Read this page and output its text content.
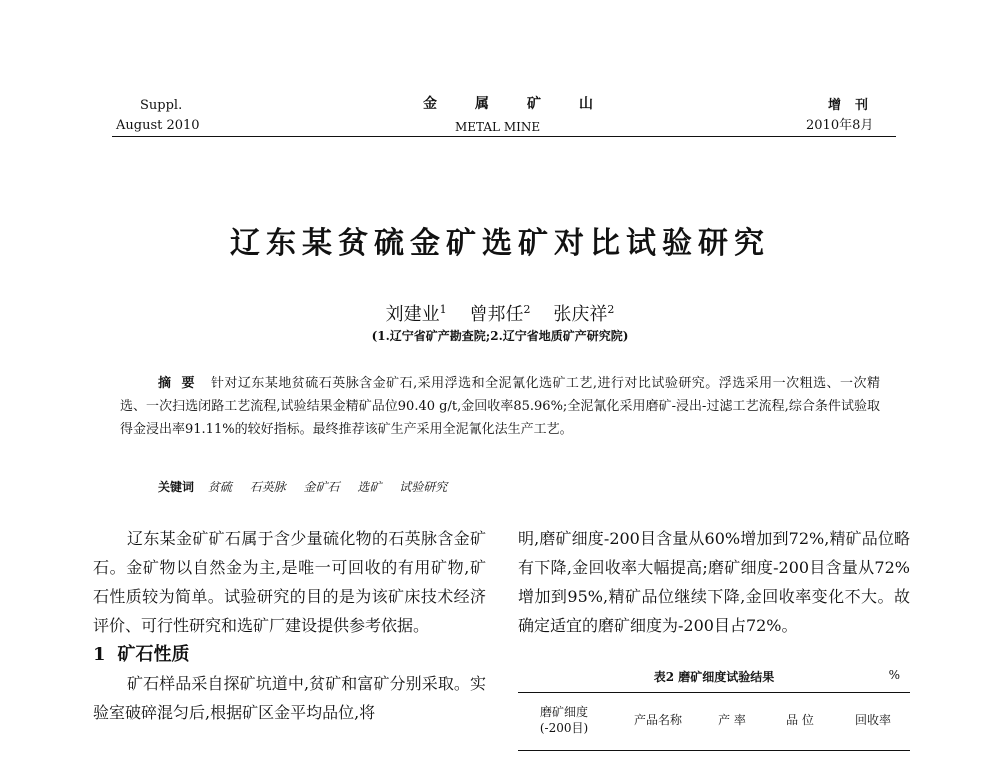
Suppl.
August 2010
金属矿山
METAL MINE
增刊
2010年8月
辽东某贫硫金矿选矿对比试验研究
刘建业$^1$ 曾邦任$^2$ 张庆祥$^2$
(1.辽宁省矿产勘查院;2.辽宁省地质矿产研究院)
摘要 针对辽东某地贫硫石英脉含金矿石,采用浮选和全泥氰化选矿工艺,进行对比试验研究。浮选采用一次粗选、一次精选、一次扫选闭路工艺流程,试验结果金精矿品位90.40 g/t,金回收率85.96%;全泥氰化采用磨矿-浸出-过滤工艺流程,综合条件试验取得金浸出率91.11%的较好指标。最终推荐该矿生产采用全泥氰化法生产工艺。
关键词 贫硫 石英脉 金矿石 选矿 试验研究

辽东某金矿矿石属于含少量硫化物的石英脉含金矿石。金矿物以自然金为主,是唯一可回收的有用矿物,矿石性质较为简单。试验研究的目的是为该矿床技术经济评价、可行性研究和选矿厂建设提供参考依据。

1 矿石性质

矿石样品采自探矿坑道中,贫矿和富矿分别采取。实验室破碎混匀后,根据矿区金平均品位,将

明,磨矿细度-200目含量从60%增加到72%,精矿品位略有下降,金回收率大幅提高;磨矿细度-200目含量从72%增加到95%,精矿品位继续下降,金回收率变化不大。故确定适宜的磨矿细度为-200目占72%。

表2 磨矿细度试验结果	%
磨矿细度
(-200目)
产品名称	产 率	品 位	回收率
